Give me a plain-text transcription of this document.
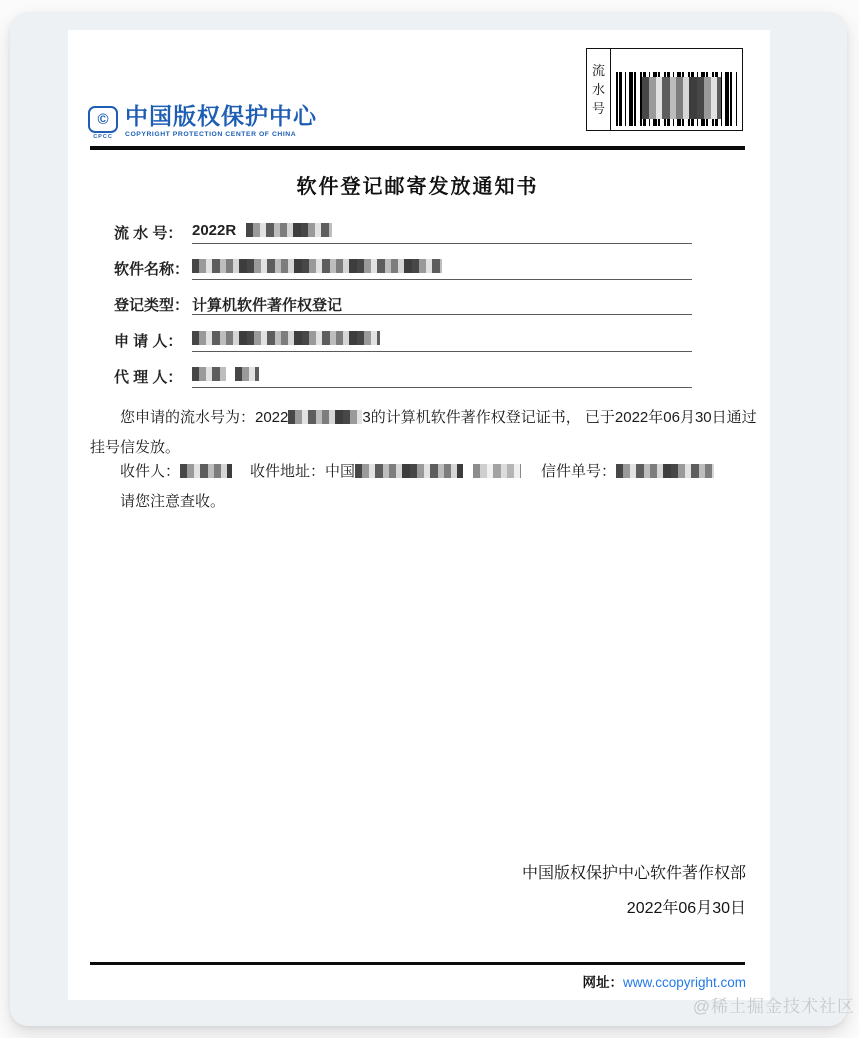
©
CPCC
中国版权保护中心
COPYRIGHT PROTECTION CENTER OF CHINA
流
水
号
软件登记邮寄发放通知书
流 水 号： 2022R
软件名称：
登记类型： 计算机软件著作权登记
申 请 人：
代 理 人：

您申请的流水号为：2022	3的计算机软件著作权登记证书， 已于2022年06月30日通过
挂号信发放。
收件人：	收件地址：中国	信件单号：
请您注意查收。
中国版权保护中心软件著作权部
2022年06月30日
网址：www.ccopyright.com
@稀土掘金技术社区
